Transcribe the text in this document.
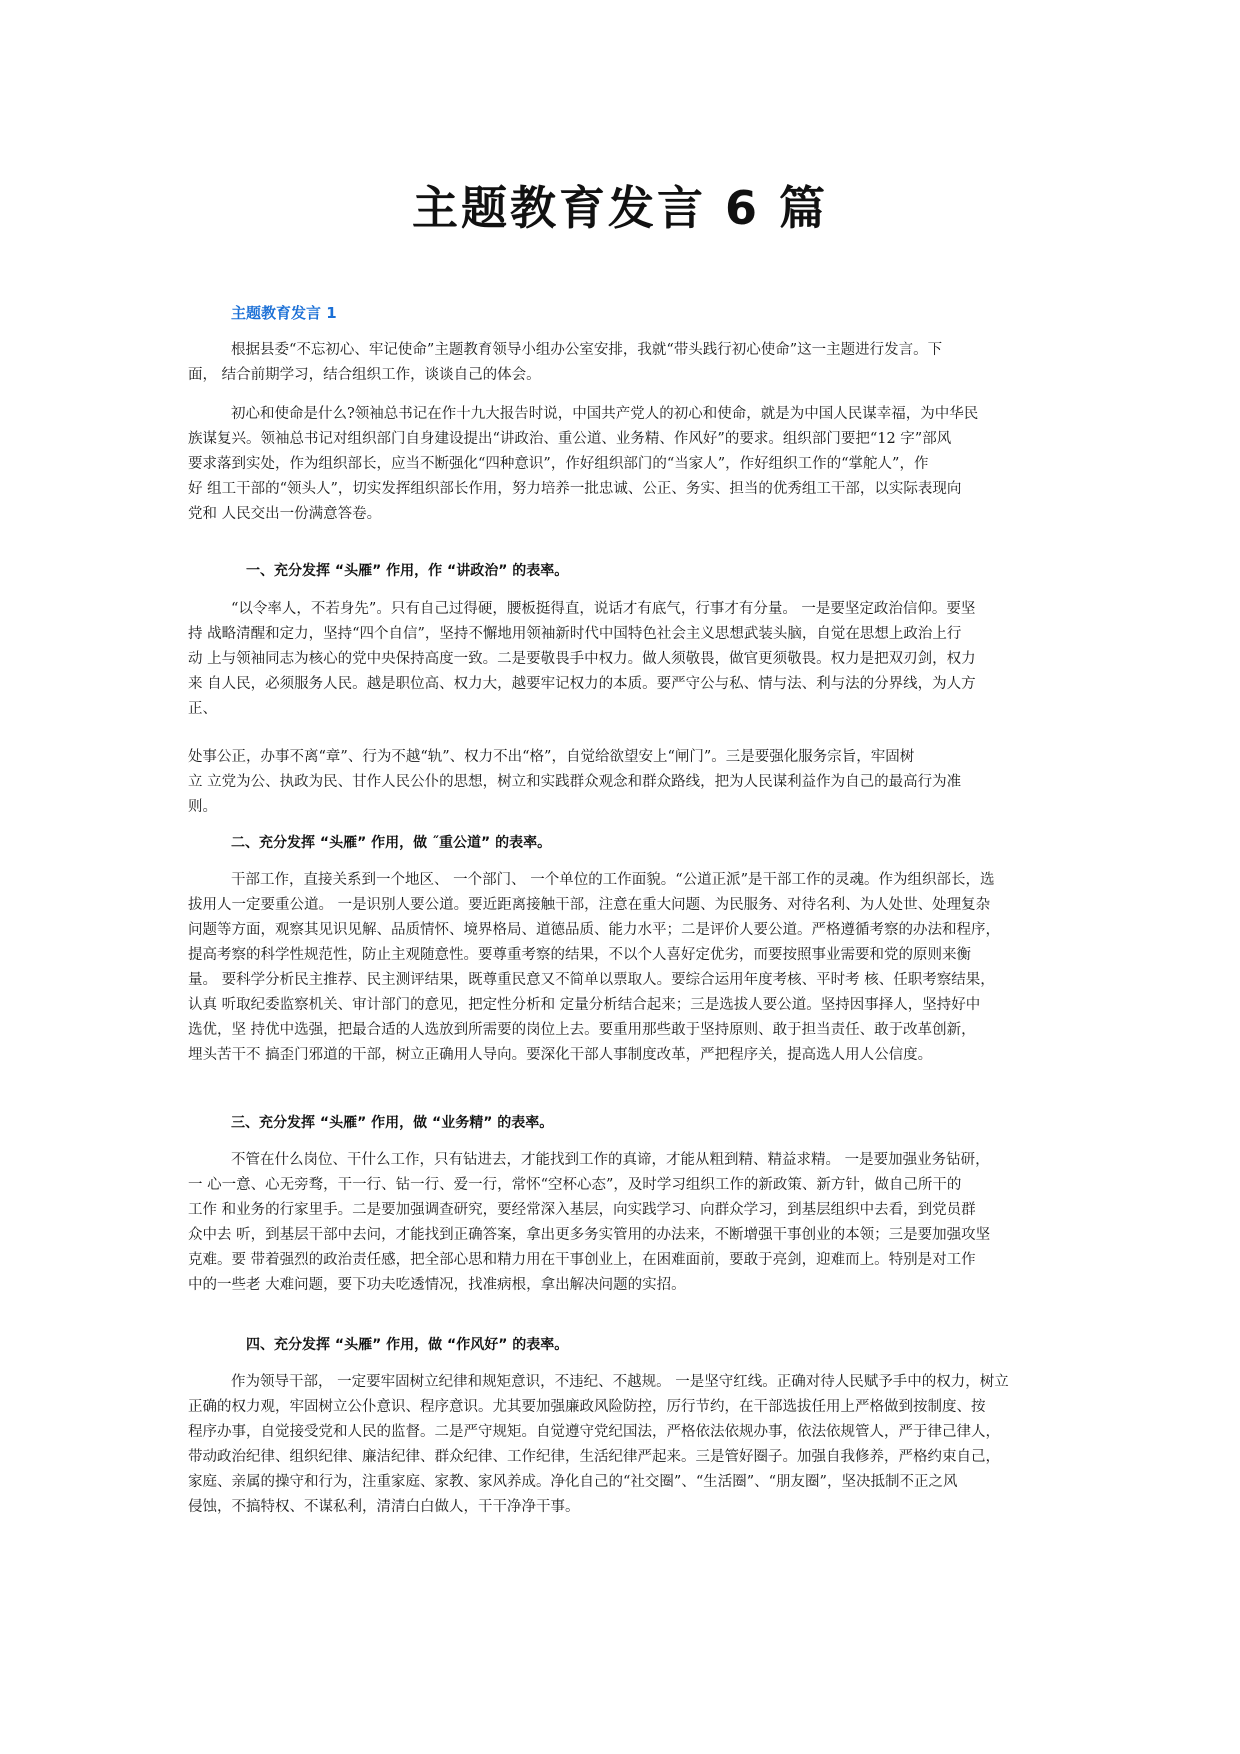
主题教育发言 6 篇
主题教育发言 1

根据县委“不忘初心、牢记使命”主题教育领导小组办公室安排，我就“带头践行初心使命”这一主题进行发言。下
面， 结合前期学习，结合组织工作，谈谈自己的体会。

初心和使命是什么?领袖总书记在作十九大报告时说，中国共产党人的初心和使命，就是为中国人民谋幸福，为中华民
族谋复兴。领袖总书记对组织部门自身建设提出“讲政治、重公道、业务精、作风好”的要求。组织部门要把“12 字”部风
要求落到实处，作为组织部长，应当不断强化“四种意识”，作好组织部门的“当家人”，作好组织工作的“掌舵人”，作
好 组工干部的“领头人”，切实发挥组织部长作用，努力培养一批忠诚、公正、务实、担当的优秀组工干部，以实际表现向
党和 人民交出一份满意答卷。

一、充分发挥 “头雁” 作用，作 “讲政治” 的表率。

“以令率人，不若身先”。只有自己过得硬，腰板挺得直，说话才有底气，行事才有分量。 一是要坚定政治信仰。要坚
持 战略清醒和定力，坚持“四个自信”，坚持不懈地用领袖新时代中国特色社会主义思想武装头脑，自觉在思想上政治上行
动 上与领袖同志为核心的党中央保持高度一致。二是要敬畏手中权力。做人须敬畏，做官更须敬畏。权力是把双刃剑，权力
来 自人民，必须服务人民。越是职位高、权力大，越要牢记权力的本质。要严守公与私、情与法、利与法的分界线，为人方
正、

处事公正，办事不离“章”、行为不越“轨”、权力不出“格”，自觉给欲望安上“闸门”。三是要强化服务宗旨，牢固树
立 立党为公、执政为民、甘作人民公仆的思想，树立和实践群众观念和群众路线，把为人民谋利益作为自己的最高行为准
则。

二、充分发挥 “头雁” 作用，做 ˝重公道” 的表率。

干部工作，直接关系到一个地区、 一个部门、 一个单位的工作面貌。“公道正派”是干部工作的灵魂。作为组织部长，选
拔用人一定要重公道。 一是识别人要公道。要近距离接触干部，注意在重大问题、为民服务、对待名利、为人处世、处理复杂
问题等方面，观察其见识见解、品质情怀、境界格局、道德品质、能力水平；二是评价人要公道。严格遵循考察的办法和程序，
提高考察的科学性规范性，防止主观随意性。要尊重考察的结果，不以个人喜好定优劣，而要按照事业需要和党的原则来衡
量。 要科学分析民主推荐、民主测评结果，既尊重民意又不简单以票取人。要综合运用年度考核、平时考 核、任职考察结果，
认真 听取纪委监察机关、审计部门的意见，把定性分析和 定量分析结合起来；三是选拔人要公道。坚持因事择人，坚持好中
选优，坚 持优中选强，把最合适的人选放到所需要的岗位上去。要重用那些敢于坚持原则、敢于担当责任、敢于改革创新，
埋头苦干不 搞歪门邪道的干部，树立正确用人导向。要深化干部人事制度改革，严把程序关，提高选人用人公信度。

三、充分发挥 “头雁” 作用，做 “业务精” 的表率。

不管在什么岗位、干什么工作，只有钻进去，才能找到工作的真谛，才能从粗到精、精益求精。 一是要加强业务钻研，
一 心一意、心无旁骛，干一行、钻一行、爱一行，常怀“空杯心态”，及时学习组织工作的新政策、新方针，做自己所干的
工作 和业务的行家里手。二是要加强调查研究，要经常深入基层，向实践学习、向群众学习，到基层组织中去看，到党员群
众中去 听，到基层干部中去问，才能找到正确答案，拿出更多务实管用的办法来，不断增强干事创业的本领；三是要加强攻坚
克难。要 带着强烈的政治责任感，把全部心思和精力用在干事创业上，在困难面前，要敢于亮剑，迎难而上。特别是对工作
中的一些老 大难问题，要下功夫吃透情况，找准病根，拿出解决问题的实招。

四、充分发挥 “头雁” 作用，做 “作风好” 的表率。

作为领导干部， 一定要牢固树立纪律和规矩意识，不违纪、不越规。 一是坚守红线。正确对待人民赋予手中的权力，树立
正确的权力观，牢固树立公仆意识、程序意识。尤其要加强廉政风险防控，厉行节约，在干部选拔任用上严格做到按制度、按
程序办事，自觉接受党和人民的监督。二是严守规矩。自觉遵守党纪国法，严格依法依规办事，依法依规管人，严于律己律人，
带动政治纪律、组织纪律、廉洁纪律、群众纪律、工作纪律，生活纪律严起来。三是管好圈子。加强自我修养，严格约束自己，
家庭、亲属的操守和行为，注重家庭、家教、家风养成。净化自己的“社交圈”、“生活圈”、“朋友圈”，坚决抵制不正之风
侵蚀，不搞特权、不谋私利，清清白白做人，干干净净干事。
